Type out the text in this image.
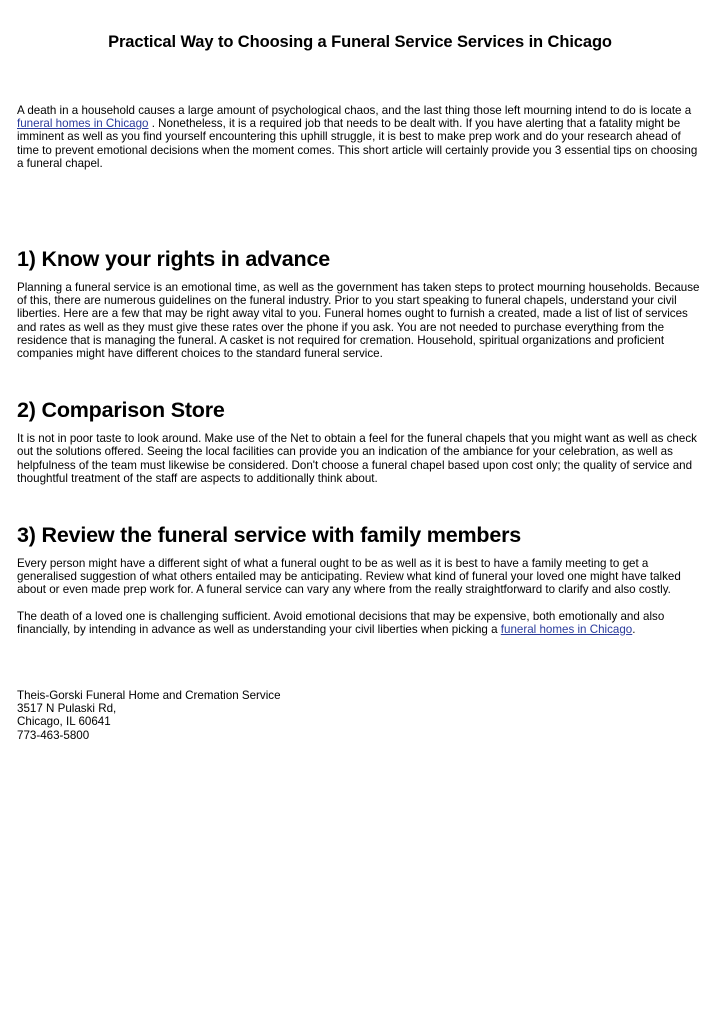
Practical Way to Choosing a Funeral Service Services in Chicago

A death in a household causes a large amount of psychological chaos, and the last thing those left mourning intend to do is locate a funeral homes in Chicago . Nonetheless, it is a required job that needs to be dealt with. If you have alerting that a fatality might be imminent as well as you find yourself encountering this uphill struggle, it is best to make prep work and do your research ahead of time to prevent emotional decisions when the moment comes. This short article will certainly provide you 3 essential tips on choosing a funeral chapel.

1) Know your rights in advance

Planning a funeral service is an emotional time, as well as the government has taken steps to protect mourning households. Because of this, there are numerous guidelines on the funeral industry. Prior to you start speaking to funeral chapels, understand your civil liberties. Here are a few that may be right away vital to you. Funeral homes ought to furnish a created, made a list of list of services and rates as well as they must give these rates over the phone if you ask. You are not needed to purchase everything from the residence that is managing the funeral. A casket is not required for cremation. Household, spiritual organizations and proficient companies might have different choices to the standard funeral service.

2) Comparison Store

It is not in poor taste to look around. Make use of the Net to obtain a feel for the funeral chapels that you might want as well as check out the solutions offered. Seeing the local facilities can provide you an indication of the ambiance for your celebration, as well as helpfulness of the team must likewise be considered. Don't choose a funeral chapel based upon cost only; the quality of service and thoughtful treatment of the staff are aspects to additionally think about.

3) Review the funeral service with family members

Every person might have a different sight of what a funeral ought to be as well as it is best to have a family meeting to get a generalised suggestion of what others entailed may be anticipating. Review what kind of funeral your loved one might have talked about or even made prep work for. A funeral service can vary any where from the really straightforward to clarify and also costly.

The death of a loved one is challenging sufficient. Avoid emotional decisions that may be expensive, both emotionally and also financially, by intending in advance as well as understanding your civil liberties when picking a funeral homes in Chicago.

Theis-Gorski Funeral Home and Cremation Service

3517 N Pulaski Rd,

Chicago, IL 60641

773-463-5800
